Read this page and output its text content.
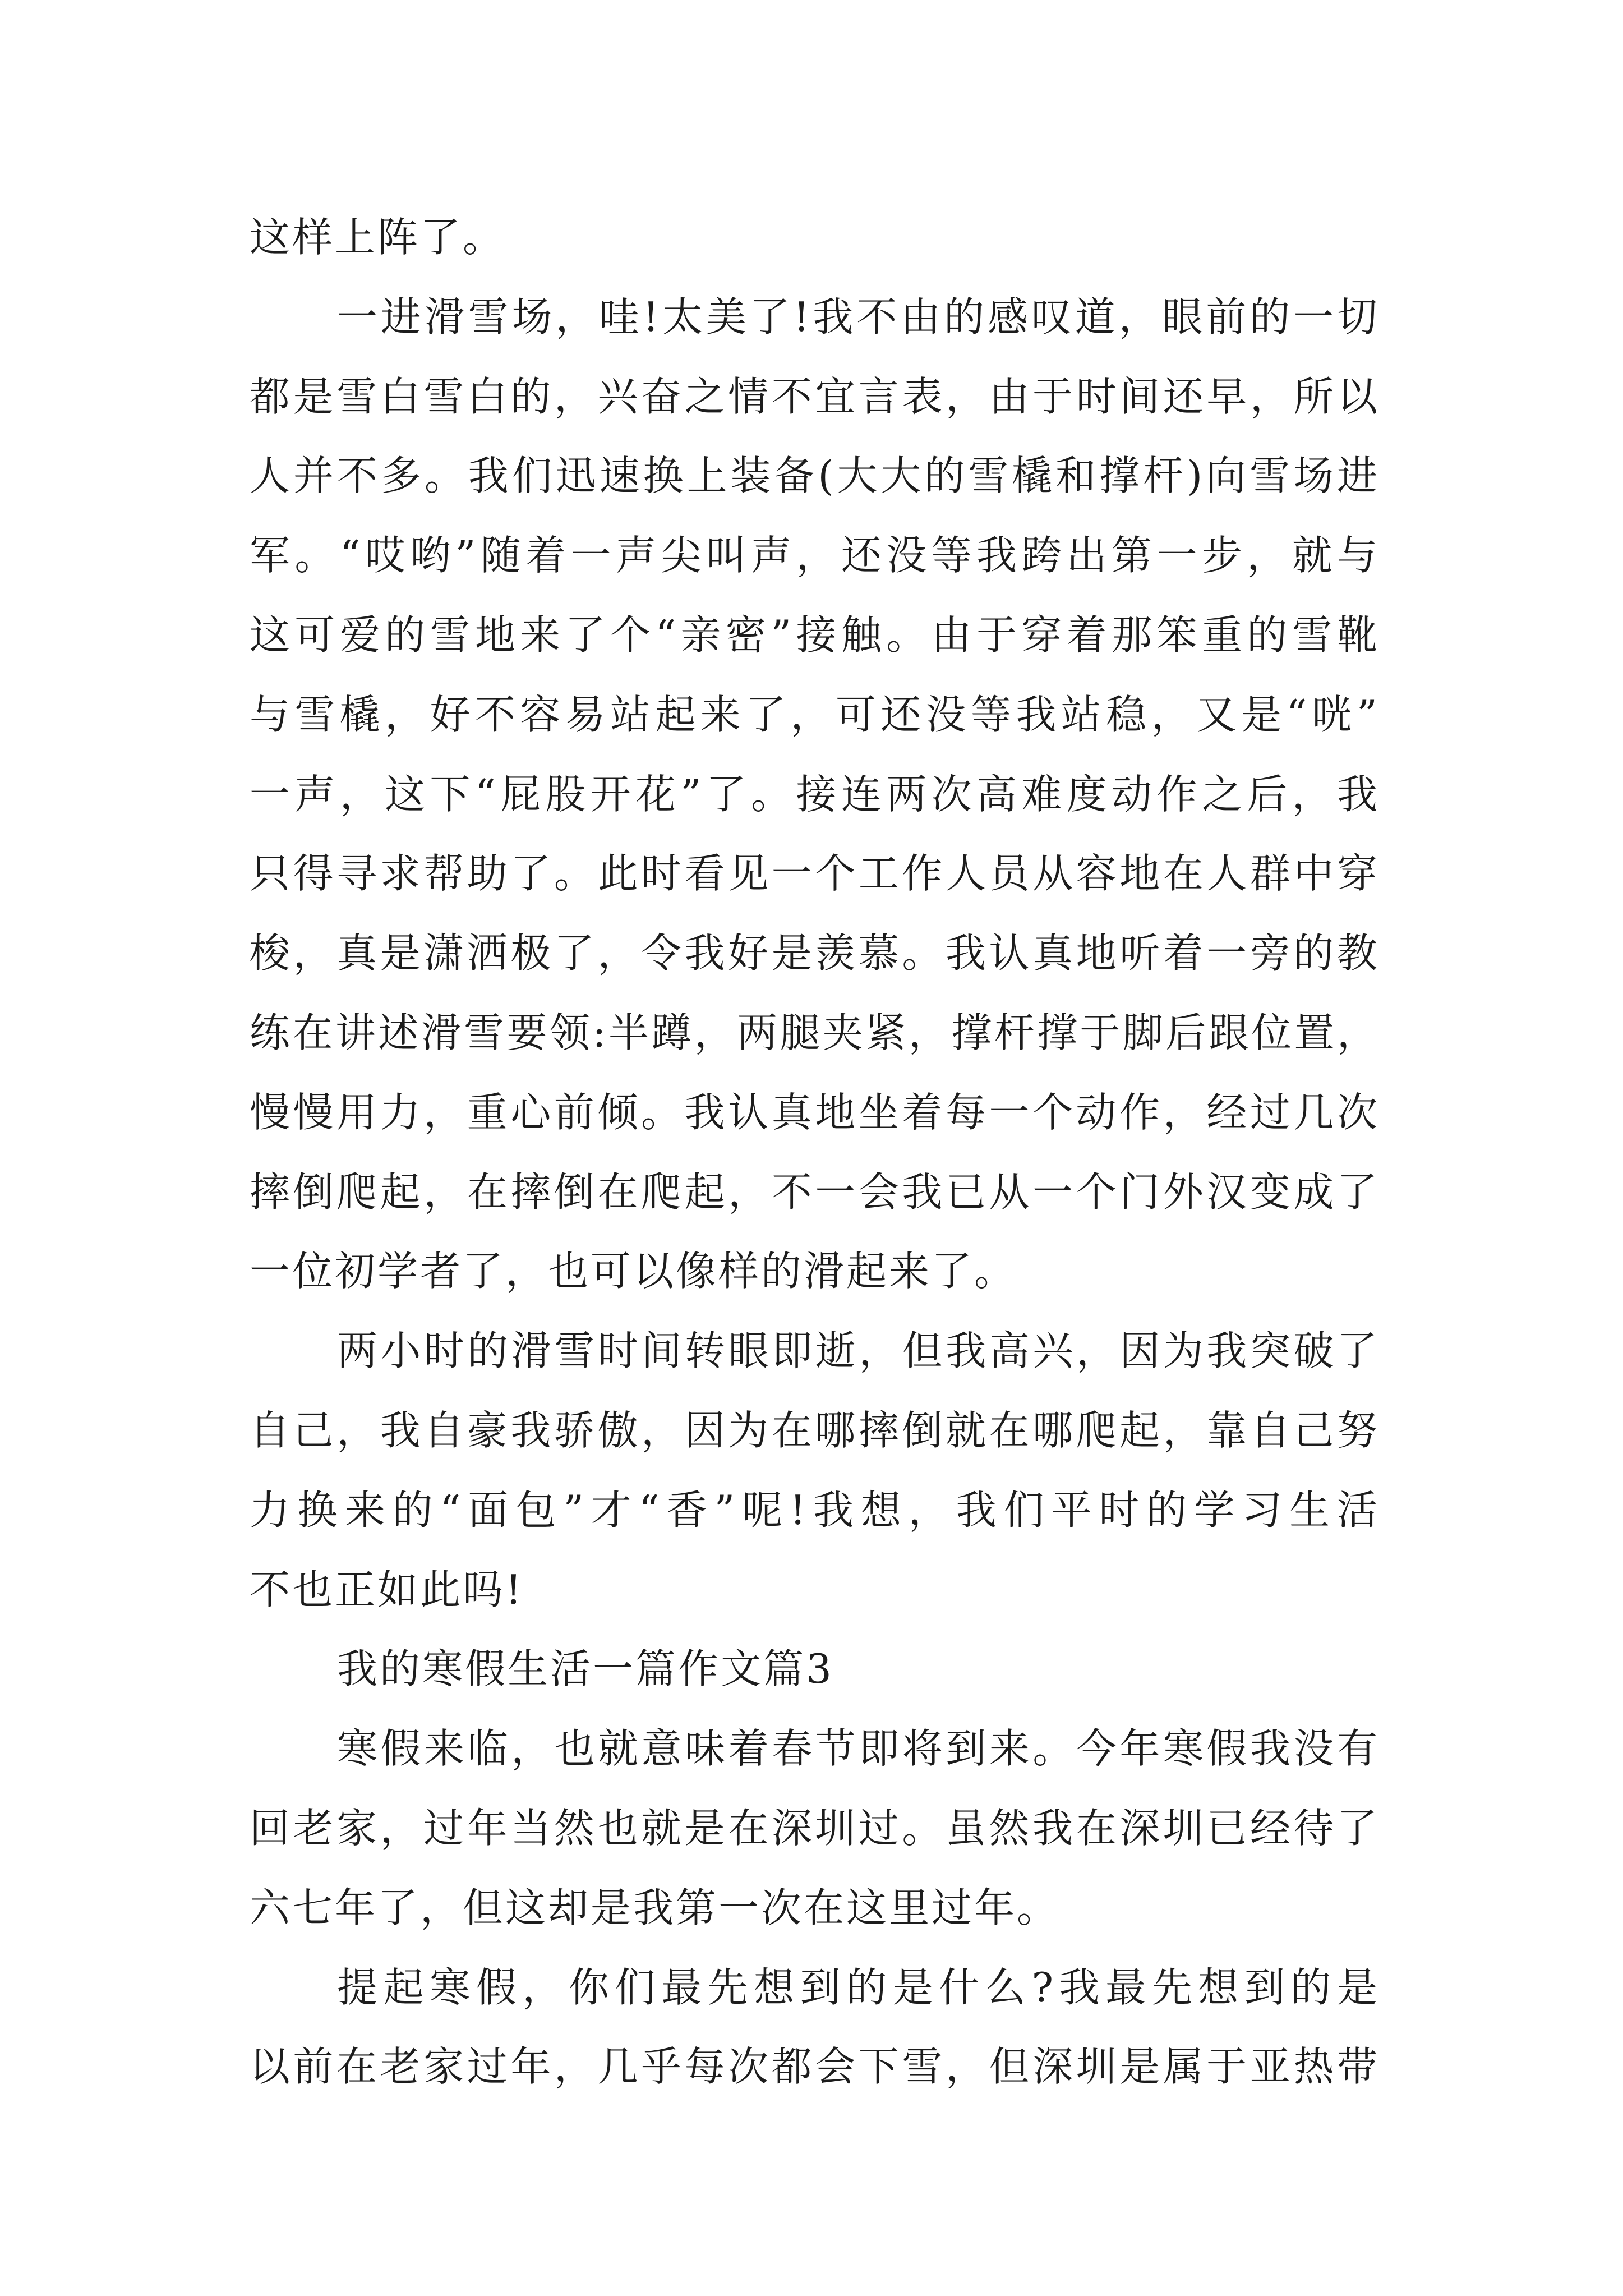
这样上阵了。
一进滑雪场，哇!太美了!我不由的感叹道，眼前的一切
都是雪白雪白的，兴奋之情不宜言表，由于时间还早，所以
人并不多。我们迅速换上装备(大大的雪橇和撑杆)向雪场进
军。“哎哟”随着一声尖叫声，还没等我跨出第一步，就与
这可爱的雪地来了个“亲密”接触。由于穿着那笨重的雪靴
与雪橇，好不容易站起来了，可还没等我站稳，又是“咣”
一声，这下“屁股开花”了。接连两次高难度动作之后，我
只得寻求帮助了。此时看见一个工作人员从容地在人群中穿
梭，真是潇洒极了，令我好是羡慕。我认真地听着一旁的教
练在讲述滑雪要领:半蹲，两腿夹紧，撑杆撑于脚后跟位置，
慢慢用力，重心前倾。我认真地坐着每一个动作，经过几次
摔倒爬起，在摔倒在爬起，不一会我已从一个门外汉变成了
一位初学者了，也可以像样的滑起来了。
两小时的滑雪时间转眼即逝，但我高兴，因为我突破了
自己，我自豪我骄傲，因为在哪摔倒就在哪爬起，靠自己努
力换来的“面包”才“香”呢!我想，我们平时的学习生活
不也正如此吗!
我的寒假生活一篇作文篇3
寒假来临，也就意味着春节即将到来。今年寒假我没有
回老家，过年当然也就是在深圳过。虽然我在深圳已经待了
六七年了，但这却是我第一次在这里过年。
提起寒假，你们最先想到的是什么?我最先想到的是
以前在老家过年，几乎每次都会下雪，但深圳是属于亚热带
